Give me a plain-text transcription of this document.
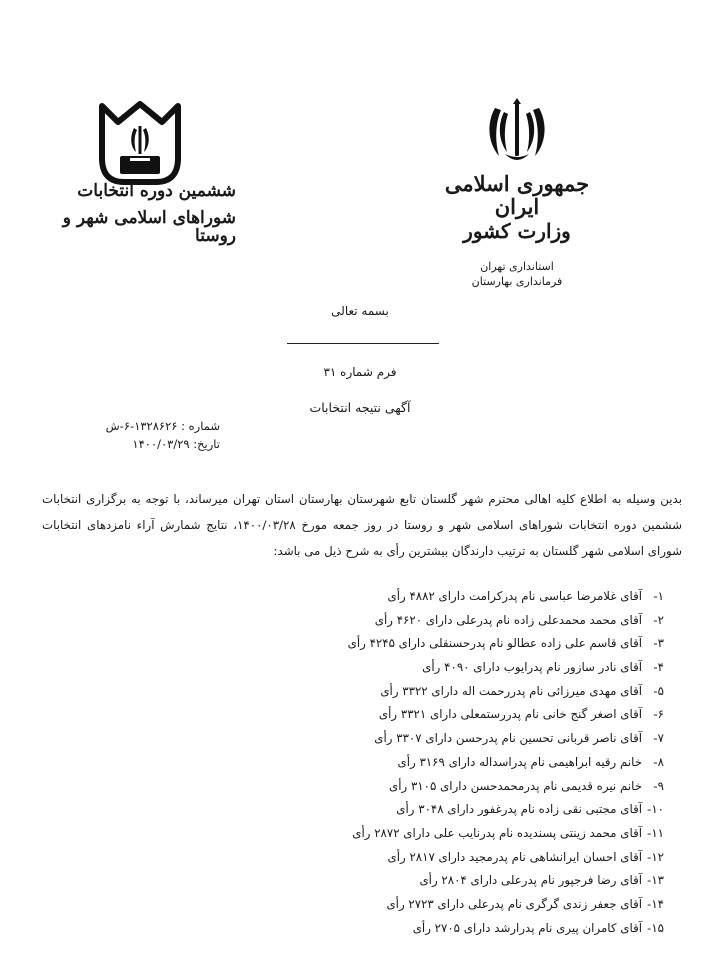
جمهوری اسلامی ایران
وزارت کشور
استانداری تهران
فرمانداری بهارستان
ششمین دوره انتخابات
شوراهای اسلامی شهر و روستا
بسمه تعالی
فرم شماره ۳۱
آگهی نتیجه انتخابات
شماره : ۱۳۲۸۶۲۶-۶-ش
تاریخ: ۱۴۰۰/۰۳/۲۹
بدین وسیله به اطلاع کلیه اهالی محترم شهر گلستان تابع شهرستان بهارستان استان تهران میرساند، با توجه به برگزاری انتخابات ششمین دوره انتخابات شوراهای اسلامی شهر و روستا در روز جمعه مورخ ۱۴۰۰/۰۳/۲۸، نتایج شمارش آراء نامزدهای انتخابات شورای اسلامی شهر گلستان به ترتیب دارندگان بیشترین رأی به شرح ذیل می باشد:
۱-آقای غلامرضا عباسی نام پدرکرامت دارای ۴۸۸۲ رأی
۲-آقای محمد محمدعلی زاده نام پدرعلی دارای ۴۶۲۰ رأی
۳-آقای قاسم علی زاده عطالو نام پدرحسنقلی دارای ۴۲۴۵ رأی
۴-آقای نادر سازور نام پدرایوب دارای ۴۰۹۰ رأی
۵-آقای مهدی میرزائی نام پدررحمت اله دارای ۳۳۲۲ رأی
۶-آقای اصغر گنج خانی نام پدررستمعلی دارای ۳۳۲۱ رأی
۷-آقای ناصر قربانی تحسین نام پدرحسن دارای ۳۳۰۷ رأی
۸-خانم رقیه ابراهیمی نام پدراسداله دارای ۳۱۶۹ رأی
۹-خانم نیره قدیمی نام پدرمحمدحسن دارای ۳۱۰۵ رأی
۱۰-آقای مجتبی نقی زاده نام پدرغفور دارای ۳۰۴۸ رأی
۱۱-آقای محمد زینتی پسندیده نام پدرنایب علی دارای ۲۸۷۲ رأی
۱۲-آقای احسان ایرانشاهی نام پدرمجید دارای ۲۸۱۷ رأی
۱۳-آقای رضا فرجپور نام پدرعلی دارای ۲۸۰۴ رأی
۱۴-آقای جعفر زندی گرگری نام پدرعلی دارای ۲۷۲۳ رأی
۱۵-آقای کامران پیری نام پدرارشد دارای ۲۷۰۵ رأی
